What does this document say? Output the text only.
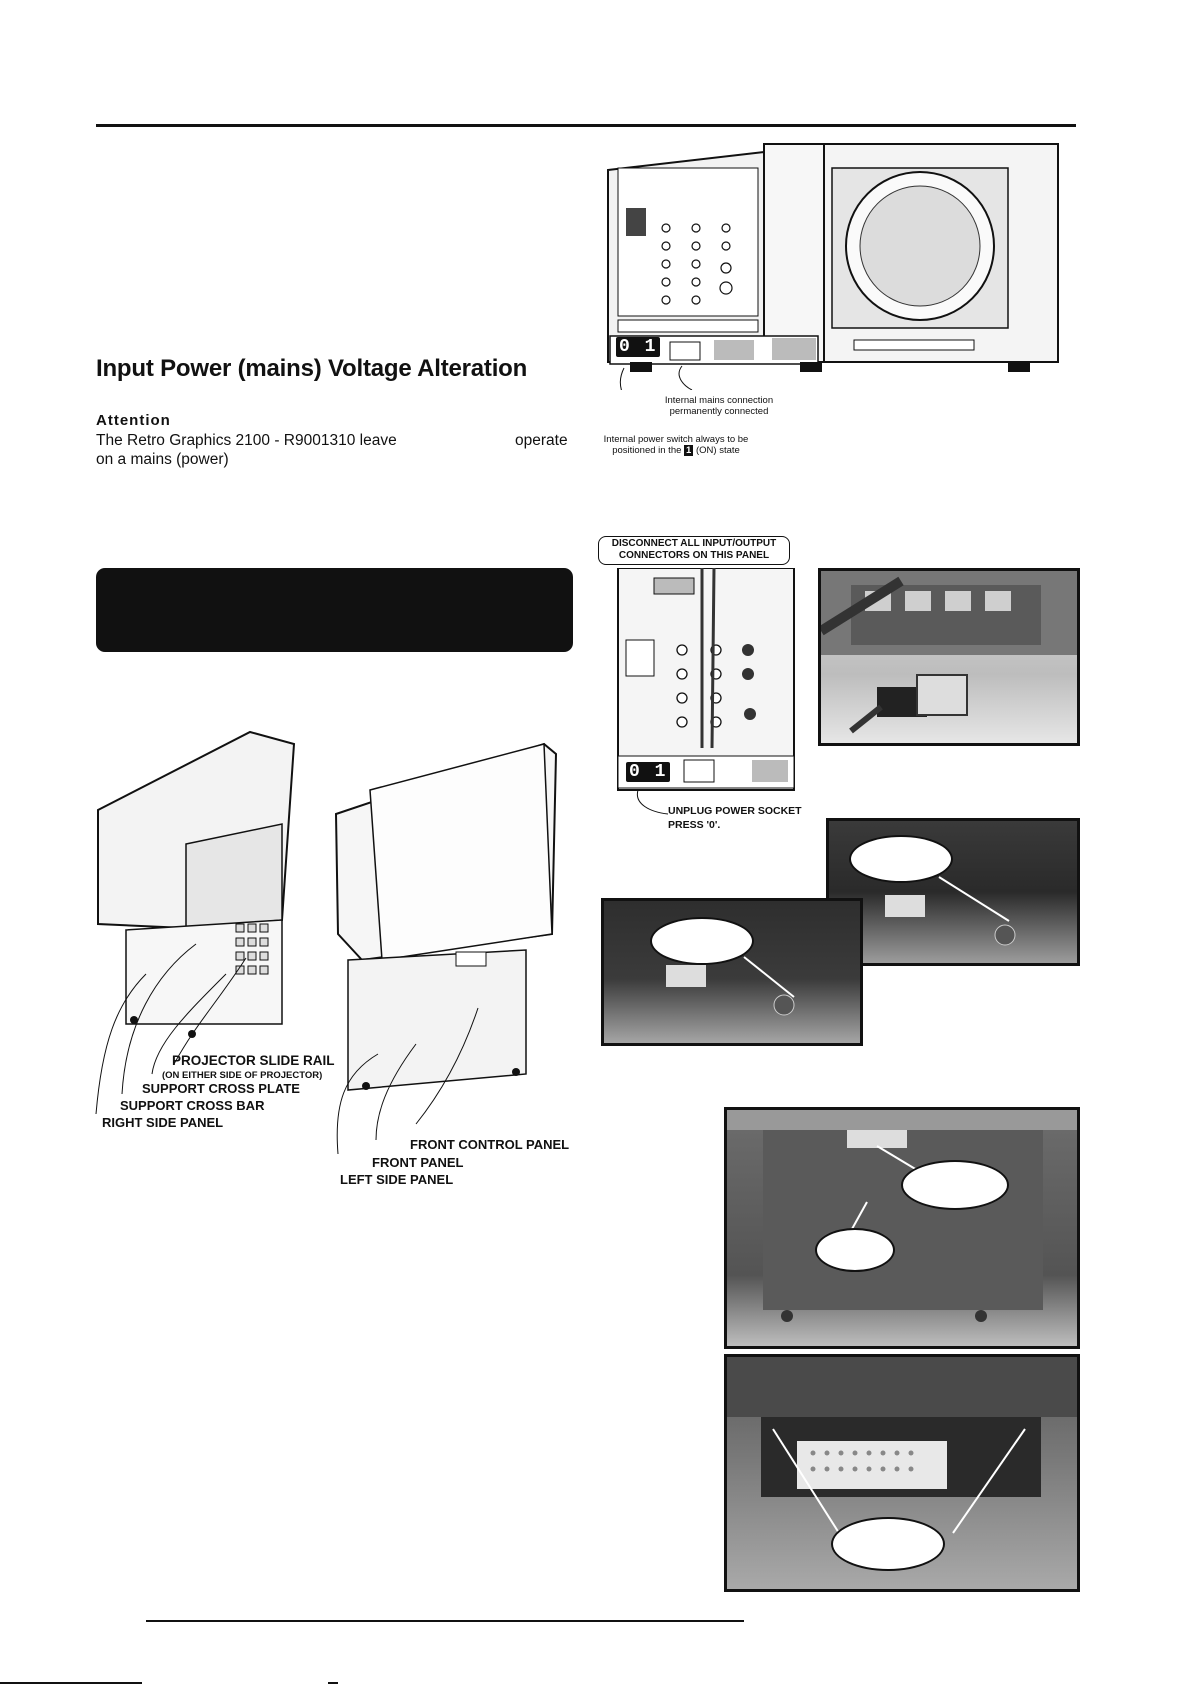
Input Power (mains) Voltage Alteration
Attention
The Retro Graphics 2100 - R9001310 leave	operate
on a mains (power)
0 1
Internal mains connection
permanently connected
Internal power switch always to be
positioned in the 1 (ON) state
DISCONNECT ALL INPUT/OUTPUT
CONNECTORS ON THIS PANEL
0 1
UNPLUG POWER SOCKET
PRESS '0'.
PROJECTOR SLIDE RAIL
(ON EITHER SIDE OF PROJECTOR)
SUPPORT CROSS PLATE
SUPPORT CROSS BAR
RIGHT SIDE PANEL
FRONT CONTROL PANEL
FRONT PANEL
LEFT SIDE PANEL
